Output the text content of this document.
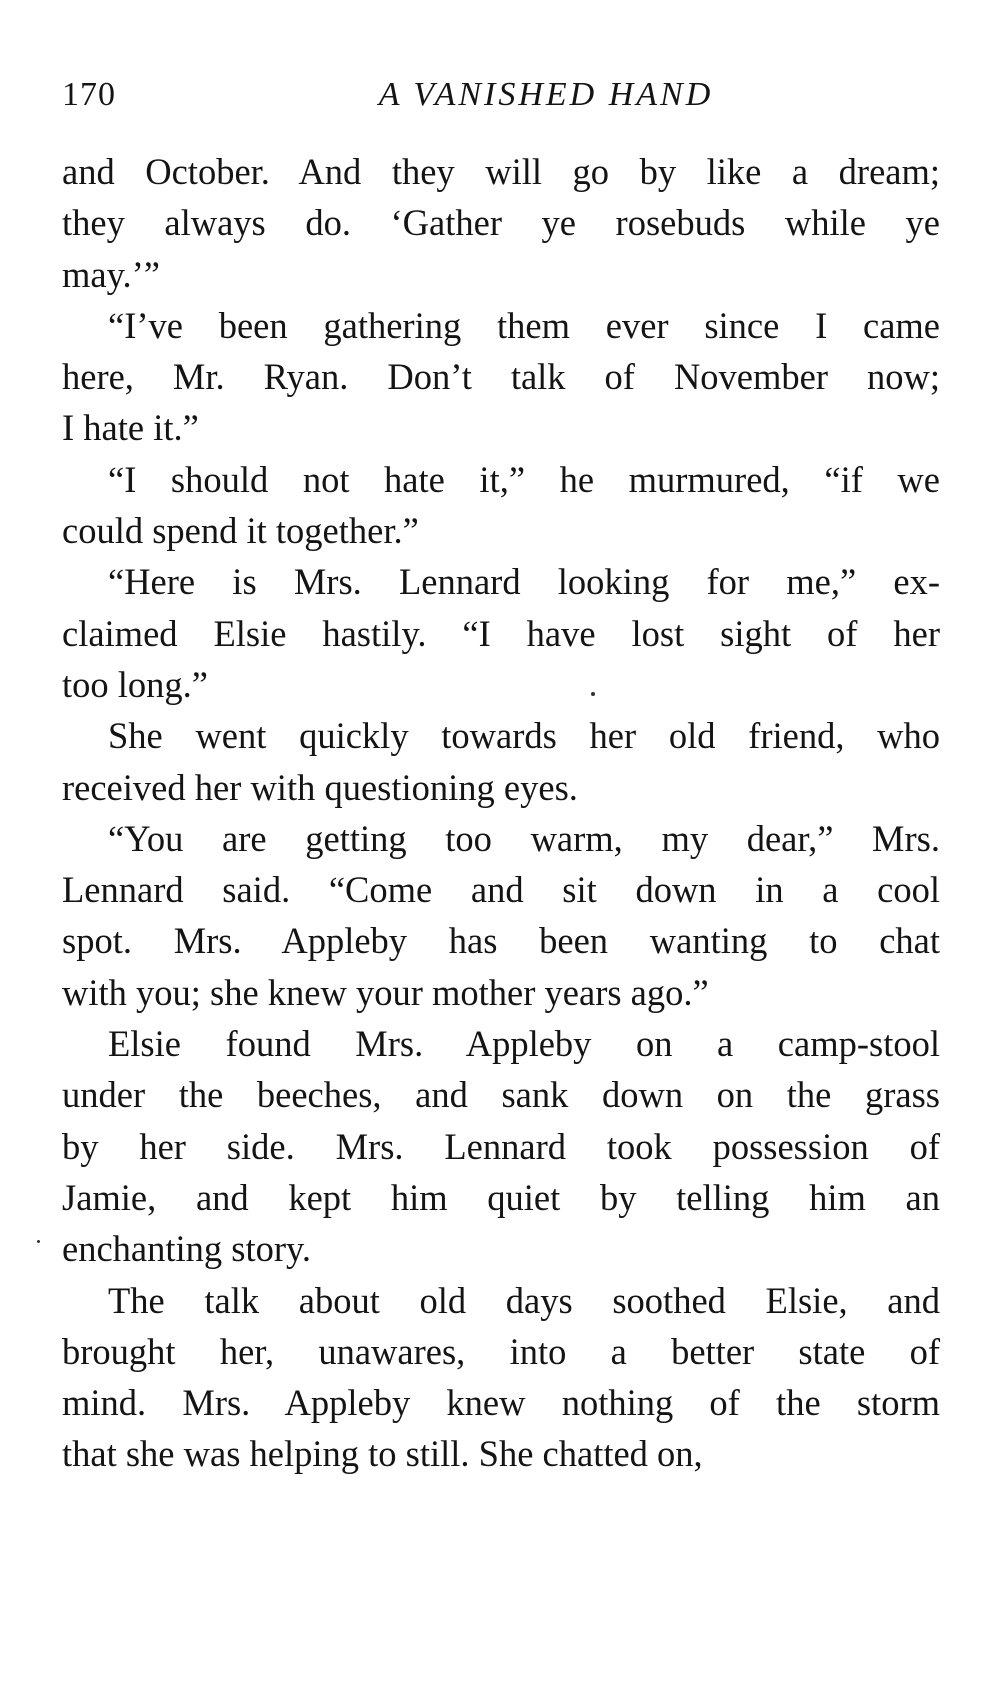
170	A VANISHED HAND

and October. And they will go by like a dream;
they always do. ‘Gather ye rosebuds while ye
may.’”

“I’ve been gathering them ever since I came
here, Mr. Ryan. Don’t talk of November now;
I hate it.”

“I should not hate it,” he murmured, “if we
could spend it together.”

“Here is Mrs. Lennard looking for me,” ex-
claimed Elsie hastily. “I have lost sight of her
too long.”

She went quickly towards her old friend, who
received her with questioning eyes.

“You are getting too warm, my dear,” Mrs.
Lennard said. “Come and sit down in a cool
spot. Mrs. Appleby has been wanting to chat
with you; she knew your mother years ago.”

Elsie found Mrs. Appleby on a camp-stool
under the beeches, and sank down on the grass
by her side. Mrs. Lennard took possession of
Jamie, and kept him quiet by telling him an
enchanting story.

The talk about old days soothed Elsie, and
brought her, unawares, into a better state of
mind. Mrs. Appleby knew nothing of the storm
that she was helping to still. She chatted on,
